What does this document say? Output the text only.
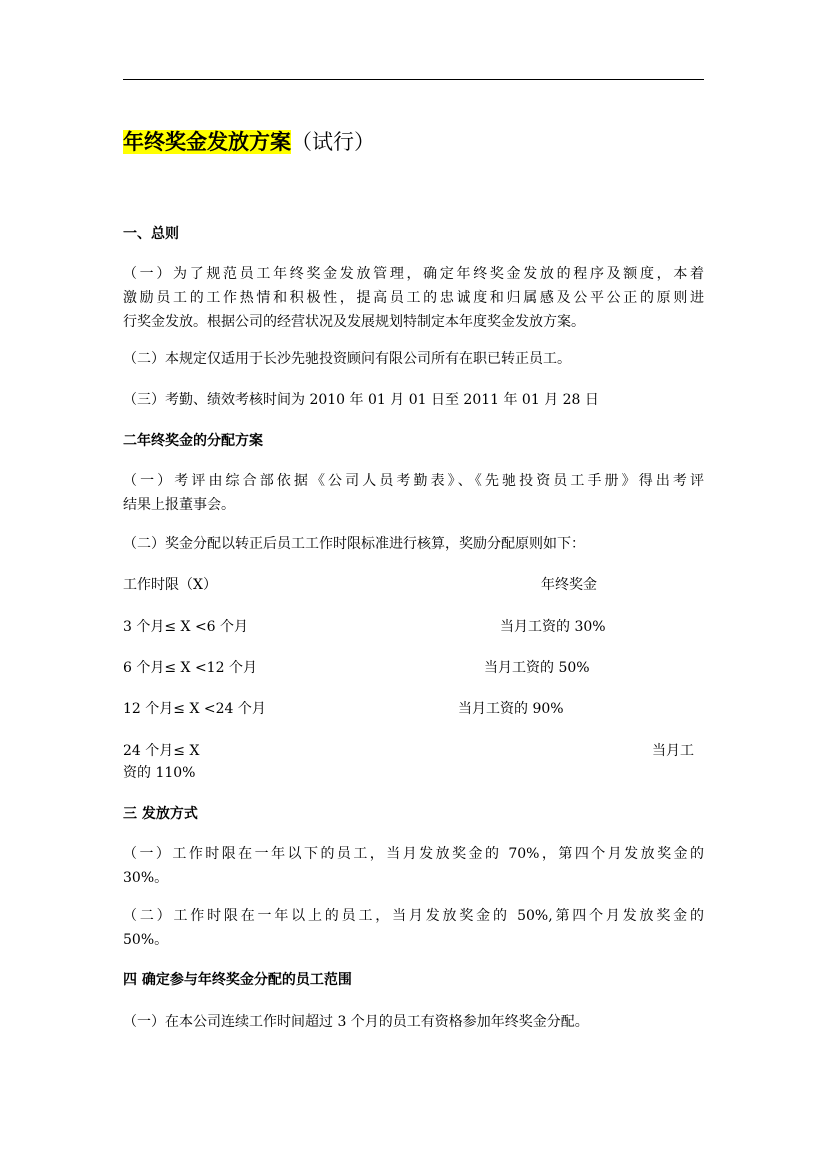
年终奖金发放方案（试行）
一、总则
（一）为了规范员工年终奖金发放管理，确定年终奖金发放的程序及额度，本着
激励员工的工作热情和积极性，提高员工的忠诚度和归属感及公平公正的原则进
行奖金发放。根据公司的经营状况及发展规划特制定本年度奖金发放方案。
（二）本规定仅适用于长沙先驰投资顾问有限公司所有在职已转正员工。
（三）考勤、绩效考核时间为 2010 年 01 月 01 日至 2011 年 01 月 28 日
二年终奖金的分配方案
（一）考评由综合部依据《公司人员考勤表》、《先驰投资员工手册》得出考评
结果上报董事会。
（二）奖金分配以转正后员工工作时限标准进行核算，奖励分配原则如下：
工作时限（X）	年终奖金
3 个月≤ X <6 个月	当月工资的 30%
6 个月≤ X <12 个月	当月工资的 50%
12 个月≤ X <24 个月	当月工资的 90%
24 个月≤ X	当月工
资的 110%
三 发放方式
（一）工作时限在一年以下的员工，当月发放奖金的 70%，第四个月发放奖金的
30%。
（二）工作时限在一年以上的员工，当月发放奖金的 50%,第四个月发放奖金的
50%。
四 确定参与年终奖金分配的员工范围
（一）在本公司连续工作时间超过 3 个月的员工有资格参加年终奖金分配。
